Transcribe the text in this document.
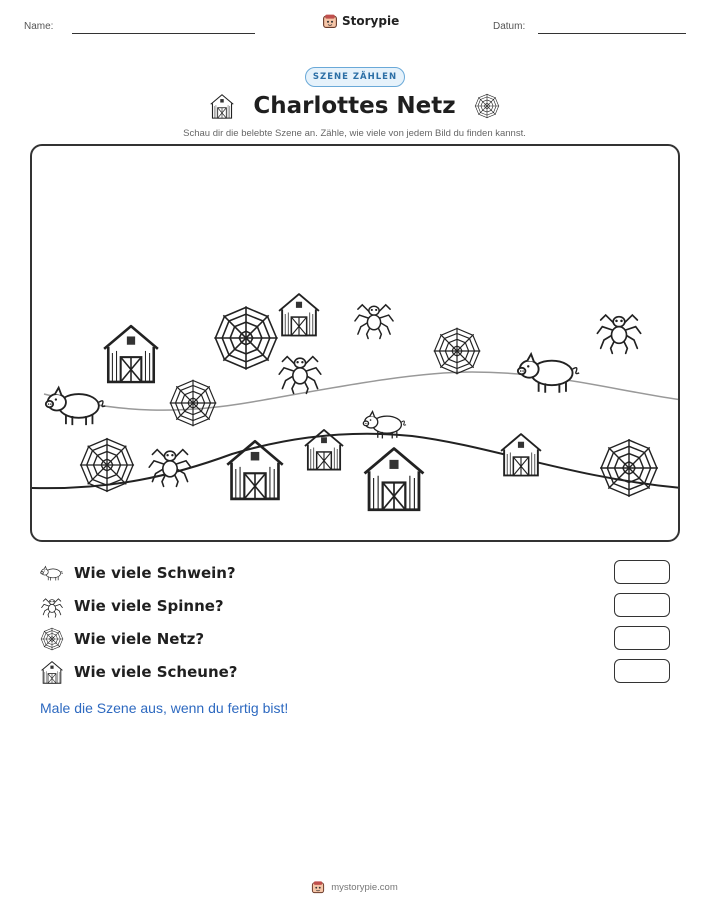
Name:	Storypie	Datum:
SZENE ZÄHLEN
Charlottes Netz
Schau dir die belebte Szene an. Zähle, wie viele von jedem Bild du finden kannst.
Wie viele Schwein?
Wie viele Spinne?
Wie viele Netz?
Wie viele Scheune?
Male die Szene aus, wenn du fertig bist!
mystorypie.com
